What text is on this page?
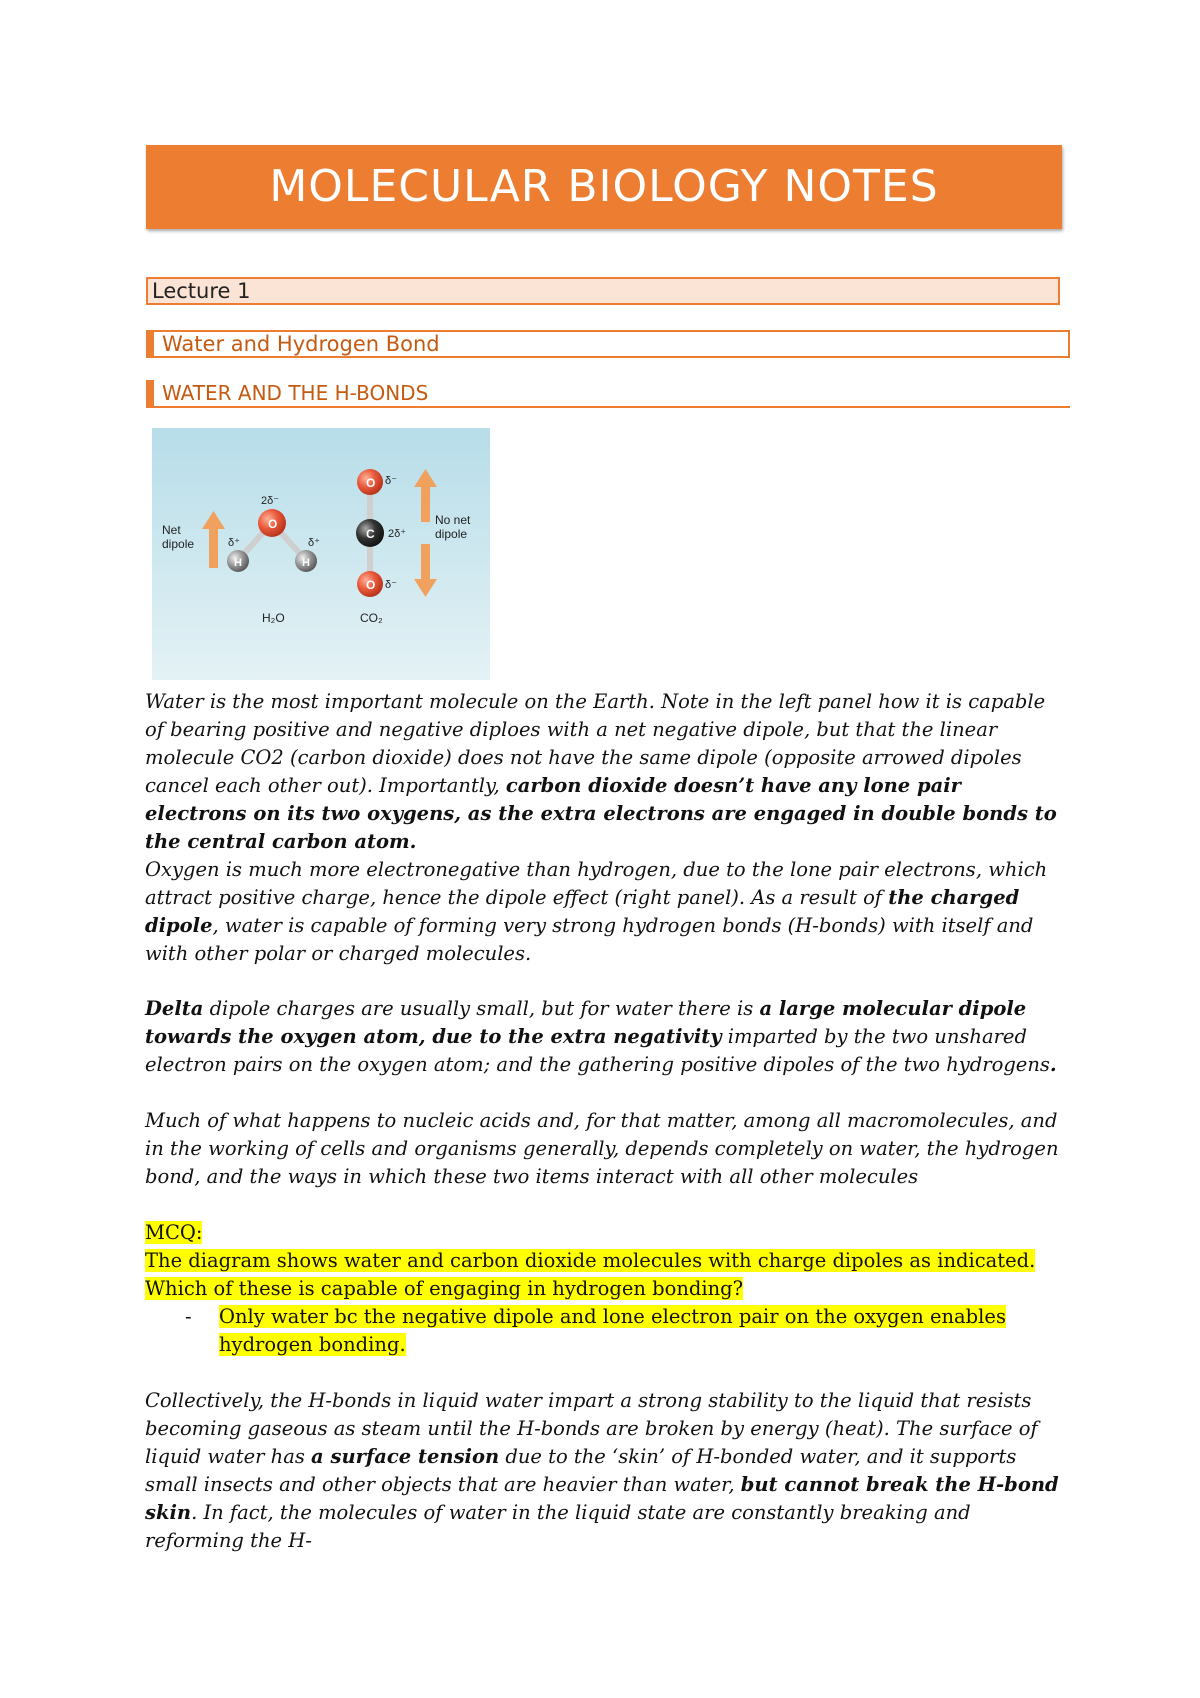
MOLECULAR BIOLOGY NOTES
Lecture 1
Water and Hydrogen Bond
WATER AND THE H-BONDS
Net
dipole
O
H	H
2δ⁻
δ⁺	δ⁺
H₂O
O
C
O
δ⁻
2δ⁺
δ⁻
CO₂
No net
dipole
Water is the most important molecule on the Earth. Note in the left panel how it is capable of bearing positive and negative diploes with a net negative dipole, but that the linear molecule CO2 (carbon dioxide) does not have the same dipole (opposite arrowed dipoles cancel each other out). Importantly, carbon dioxide doesn’t have any lone pair electrons on its two oxygens, as the extra electrons are engaged in double bonds to the central carbon atom.
Oxygen is much more electronegative than hydrogen, due to the lone pair electrons, which attract positive charge, hence the dipole effect (right panel). As a result of the charged dipole, water is capable of forming very strong hydrogen bonds (H-bonds) with itself and with other polar or charged molecules.
Delta dipole charges are usually small, but for water there is a large molecular dipole towards the oxygen atom, due to the extra negativity imparted by the two unshared electron pairs on the oxygen atom; and the gathering positive dipoles of the two hydrogens.
Much of what happens to nucleic acids and, for that matter, among all macromolecules, and in the working of cells and organisms generally, depends completely on water, the hydrogen bond, and the ways in which these two items interact with all other molecules
MCQ:
The diagram shows water and carbon dioxide molecules with charge dipoles as indicated.
Which of these is capable of engaging in hydrogen bonding?
- Only water bc the negative dipole and lone electron pair on the oxygen enables
hydrogen bonding.
Collectively, the H-bonds in liquid water impart a strong stability to the liquid that resists becoming gaseous as steam until the H-bonds are broken by energy (heat). The surface of liquid water has a surface tension due to the ‘skin’ of H-bonded water, and it supports small insects and other objects that are heavier than water, but cannot break the H-bond skin. In fact, the molecules of water in the liquid state are constantly breaking and reforming the H-
